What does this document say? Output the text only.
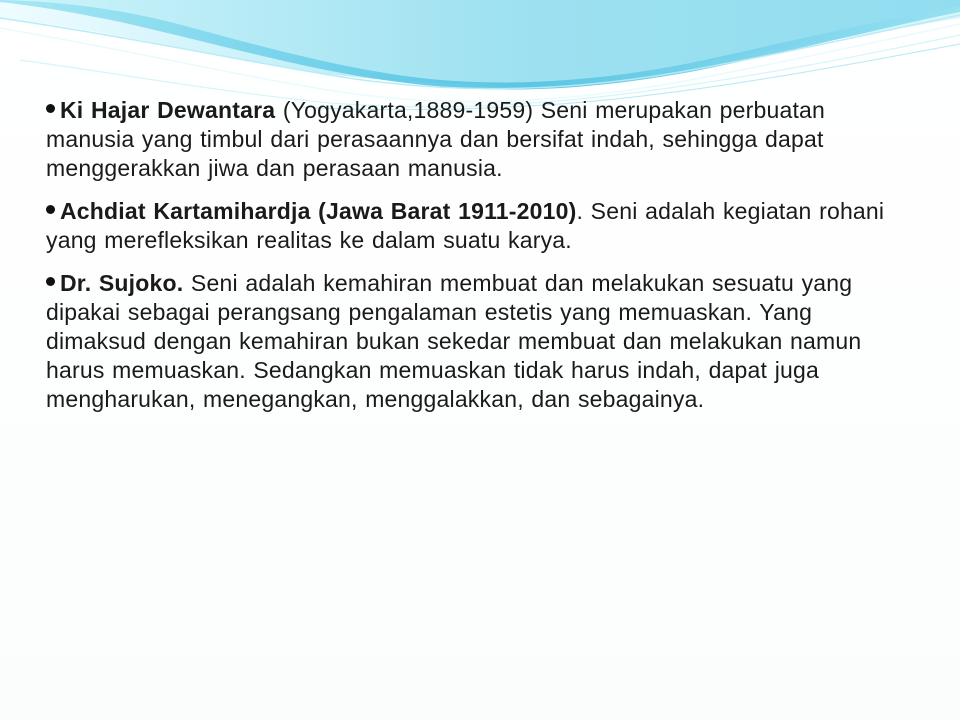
Ki Hajar Dewantara (Yogyakarta,1889-1959) Seni merupakan perbuatan manusia yang timbul dari perasaannya dan bersifat indah, sehingga dapat menggerakkan jiwa dan perasaan manusia.

Achdiat Kartamihardja (Jawa Barat 1911-2010). Seni adalah kegiatan rohani yang merefleksikan realitas ke dalam suatu karya.

Dr. Sujoko. Seni adalah kemahiran membuat dan melakukan sesuatu yang dipakai sebagai perangsang pengalaman estetis yang memuaskan. Yang dimaksud dengan kemahiran bukan sekedar membuat dan melakukan namun harus memuaskan. Sedangkan memuaskan tidak harus indah, dapat juga mengharukan, menegangkan, menggalakkan, dan sebagainya.
